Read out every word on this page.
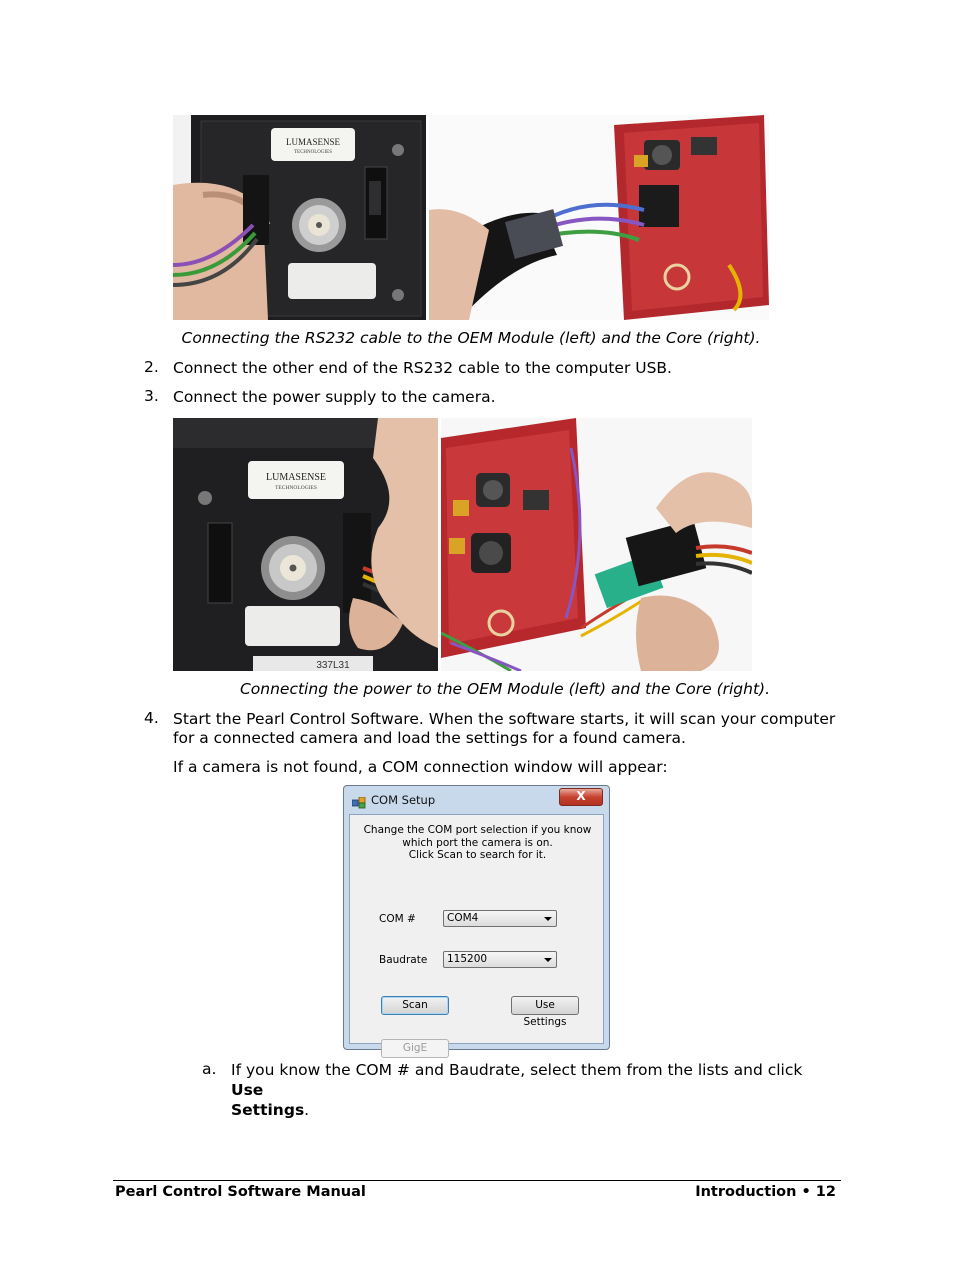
LUMASENSE
TECHNOLOGIES
Connecting the RS232 cable to the OEM Module (left) and the Core (right).
2. Connect the other end of the RS232 cable to the computer USB.
3. Connect the power supply to the camera.
LUMASENSE
TECHNOLOGIES
337L31
Connecting the power to the OEM Module (left) and the Core (right).
4. Start the Pearl Control Software. When the software starts, it will scan your computer
for a connected camera and load the settings for a found camera.
If a camera is not found, a COM connection window will appear:
COM Setup	X
Change the COM port selection if you know
which port the camera is on.
Click Scan to search for it.
COM #	COM4
Baudrate	115200
Scan	Use Settings
GigE
a. If you know the COM # and Baudrate, select them from the lists and click Use
Settings.
Pearl Control Software Manual	Introduction • 12
